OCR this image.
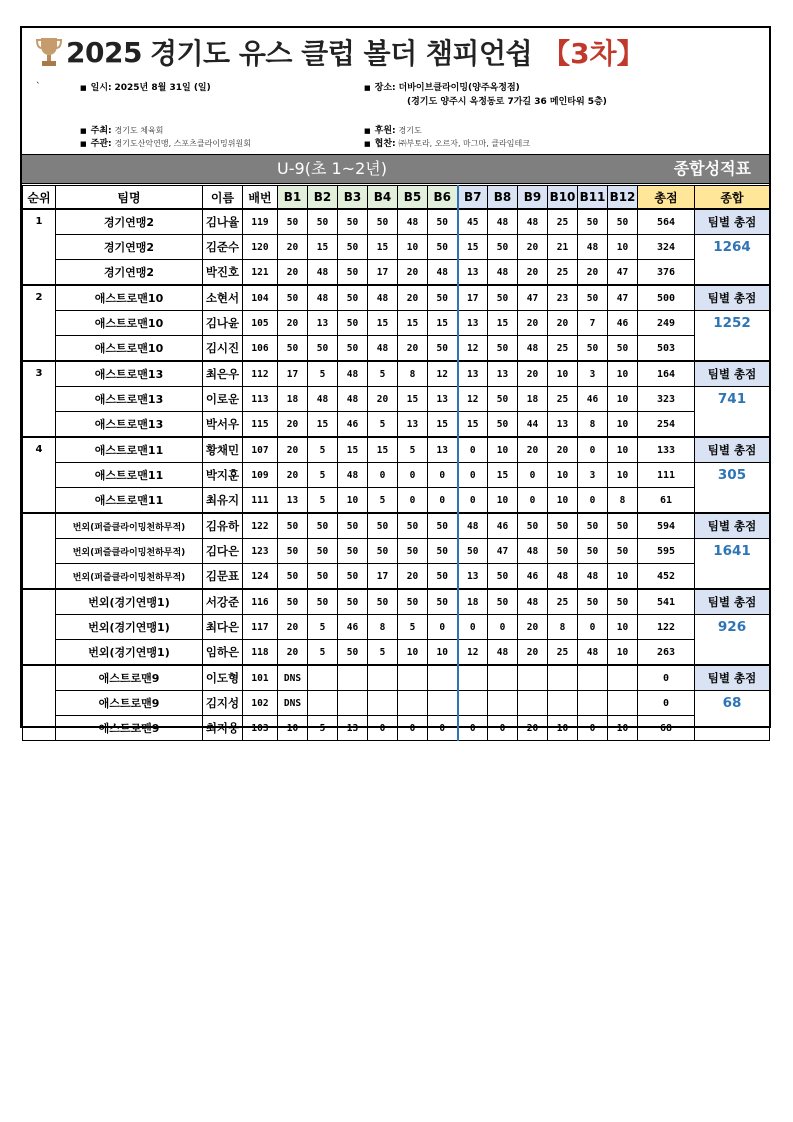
2025 경기도 유스 클럽 볼더 챔피언쉽 【3차】
`	■ 일시: 2025년 8월 31일 (일)	■ 장소: 더바이브클라이밍(양주옥정점)
(경기도 양주시 옥정동로 7가길 36 메인타워 5층)
■ 주최: 경기도 체육회
■ 주관: 경기도산악연맹, 스포츠클라이밍위원회
■ 후원: 경기도
■ 협찬: ㈜부토라, 오르자, 마그마, 클라임테크
U-9(초 1~2년)	종합성적표
순위	팀명	이름	배번	B1	B2	B3	B4	B5	B6	B7	B8	B9	B10	B11	B12	총점	종합
1	경기연맹2	김나율	119	50	50	50	50	48	50	45	48	48	25	50	50	564	팀별 총점
	경기연맹2	김준수	120	20	15	50	15	10	50	15	50	20	21	48	10	324	1264
	경기연맹2	박진호	121	20	48	50	17	20	48	13	48	20	25	20	47	376	
2	애스트로맨10	소현서	104	50	48	50	48	20	50	17	50	47	23	50	47	500	팀별 총점
	애스트로맨10	김나윤	105	20	13	50	15	15	15	13	15	20	20	7	46	249	1252
	애스트로맨10	김시진	106	50	50	50	48	20	50	12	50	48	25	50	50	503	
3	애스트로맨13	최은우	112	17	5	48	5	8	12	13	13	20	10	3	10	164	팀별 총점
	애스트로맨13	이로운	113	18	48	48	20	15	13	12	50	18	25	46	10	323	741
	애스트로맨13	박서우	115	20	15	46	5	13	15	15	50	44	13	8	10	254	
4	애스트로맨11	황채민	107	20	5	15	15	5	13	0	10	20	20	0	10	133	팀별 총점
	애스트로맨11	박지훈	109	20	5	48	0	0	0	0	15	0	10	3	10	111	305
	애스트로맨11	최유지	111	13	5	10	5	0	0	0	10	0	10	0	8	61	
	번외(퍼즐클라이밍천하무적)	김유하	122	50	50	50	50	50	50	48	46	50	50	50	50	594	팀별 총점
	번외(퍼즐클라이밍천하무적)	김다은	123	50	50	50	50	50	50	50	47	48	50	50	50	595	1641
	번외(퍼즐클라이밍천하무적)	김문표	124	50	50	50	17	20	50	13	50	46	48	48	10	452	
	번외(경기연맹1)	서강준	116	50	50	50	50	50	50	18	50	48	25	50	50	541	팀별 총점
	번외(경기연맹1)	최다은	117	20	5	46	8	5	0	0	0	20	8	0	10	122	926
	번외(경기연맹1)	임하은	118	20	5	50	5	10	10	12	48	20	25	48	10	263	
	애스트로맨9	이도형	101	DNS												0	팀별 총점
	애스트로맨9	김지성	102	DNS												0	68
	애스트로맨9	최지웅	103	10	5	13	0	0	0	0	0	20	10	0	10	68	
